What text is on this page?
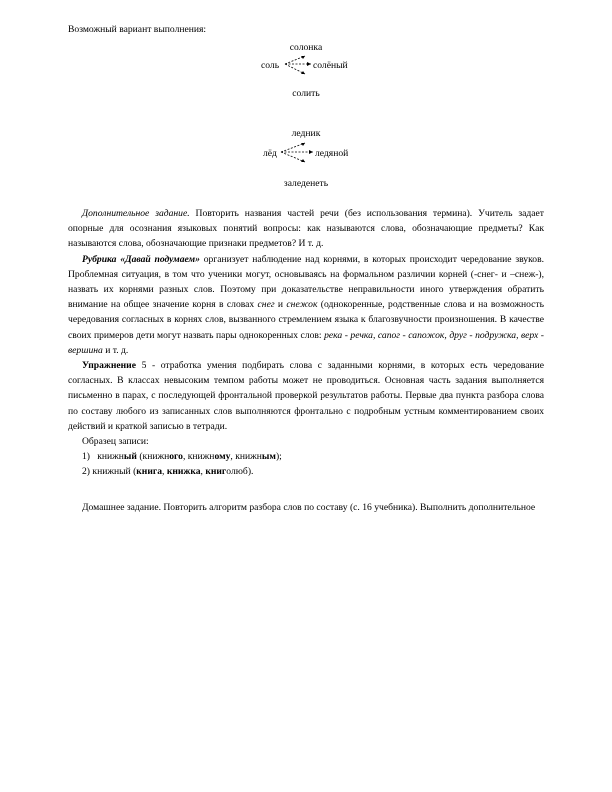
Возможный вариант выполнения:
солонка
соль	солёный
солить
ледник
лёд	ледяной
заледенеть

Дополнительное задание. Повторить названия частей речи (без использования термина). Учитель задает опорные для осознания языковых понятий вопросы: как называются слова, обозначающие предметы? Как называются слова, обозначающие признаки предметов? И т. д.

Рубрика «Давай подумаем» организует наблюдение над корнями, в которых происходит чередование звуков. Проблемная ситуация, в том что ученики могут, основываясь на формальном различии корней (-снег- и –снеж-), назвать их корнями разных слов. Поэтому при доказательстве неправильности иного утверждения обратить внимание на общее значение корня в словах снег и снежок (однокоренные, родственные слова и на возможность чередования согласных в корнях слов, вызванного стремлением языка к благозвучности произношения. В качестве своих примеров дети могут назвать пары однокоренных слов: река - речка, сапог - сапожок, друг - подружка, верх - вершина и т. д.

Упражнение 5 - отработка умения подбирать слова с заданными корнями, в которых есть чередование согласных. В классах невысоким темпом работы может не проводиться. Основная часть задания выполняется письменно в парах, с последующей фронтальной проверкой результатов работы. Первые два пункта разбора слова по составу любого из записанных слов выполняются фронтально с подробным устным комментированием своих действий и краткой записью в тетради.

Образец записи:

1) книжный (книжного, книжному, книжным);

2) книжный (книга, книжка, книголюб).

Домашнее задание. Повторить алгоритм разбора слов по составу (с. 16 учебника). Выполнить дополнительное
